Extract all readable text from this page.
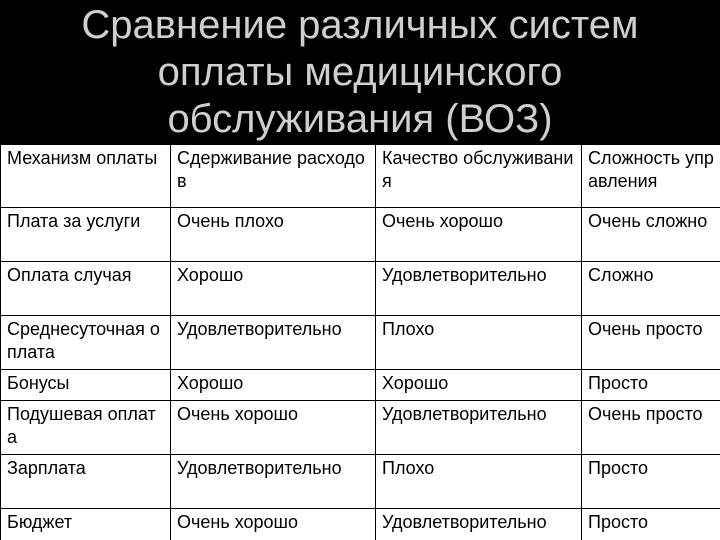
Сравнение различных систем
оплаты медицинского
обслуживания (ВОЗ)
Механизм оплаты	Сдерживание расходов	Качество обслуживания	Сложность управления
Плата за услуги	Очень плохо	Очень хорошо	Очень сложно
Оплата случая	Хорошо	Удовлетворительно	Сложно
Среднесуточная оплата	Удовлетворительно	Плохо	Очень просто
Бонусы	Хорошо	Хорошо	Просто
Подушевая оплата	Очень хорошо	Удовлетворительно	Очень просто
Зарплата	Удовлетворительно	Плохо	Просто
Бюджет	Очень хорошо	Удовлетворительно	Просто
